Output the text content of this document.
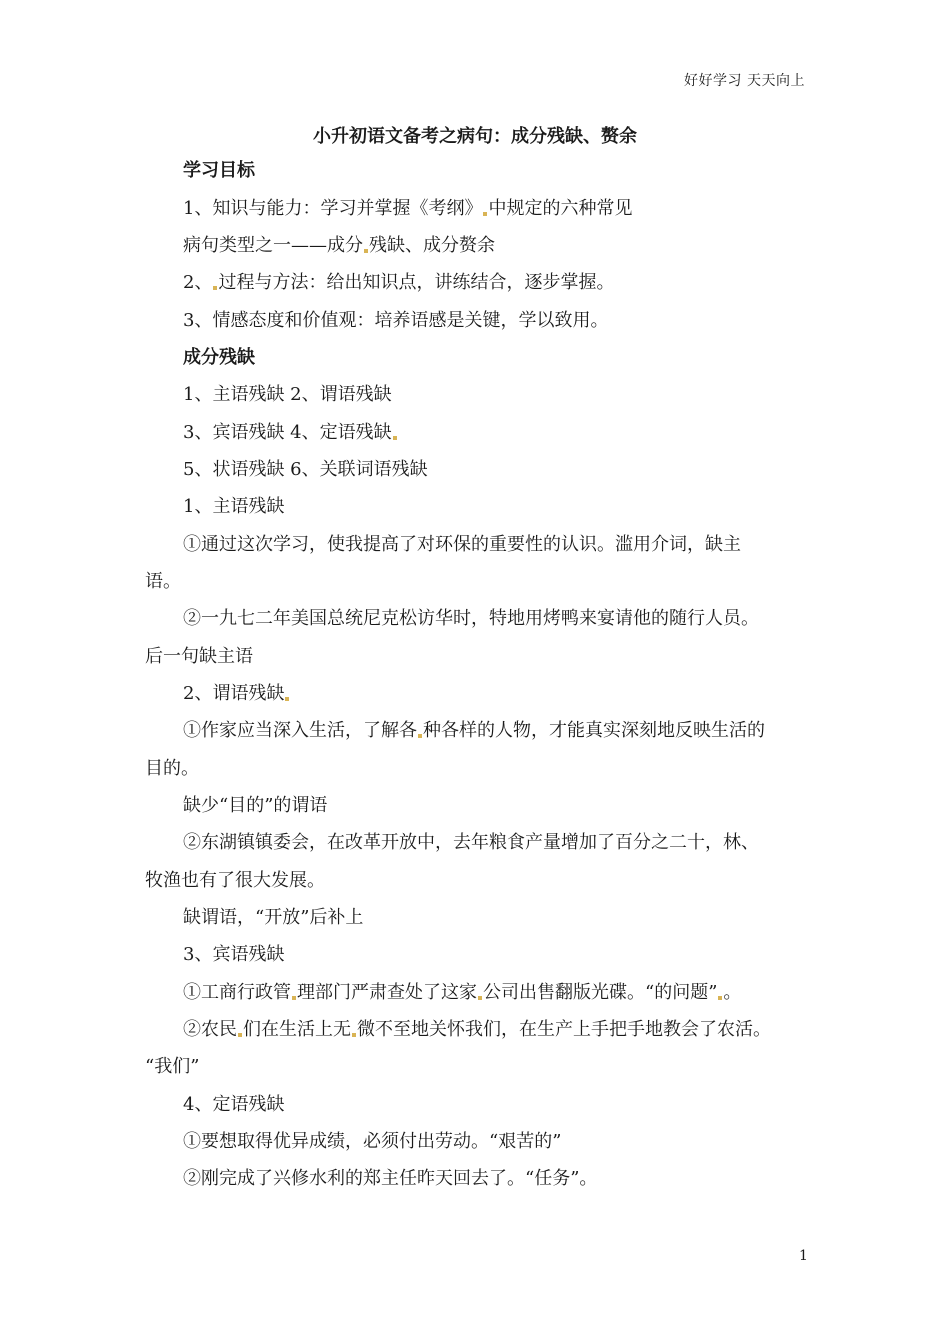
好好学习 天天向上
小升初语文备考之病句：成分残缺、赘余
学习目标
1、知识与能力：学习并掌握《考纲》 中规定的六种常见
病句类型之一——成分 残缺、成分赘余
2、 过程与方法：给出知识点，讲练结合，逐步掌握。
3、情感态度和价值观：培养语感是关键，学以致用。
成分残缺
1、主语残缺 2、谓语残缺
3、宾语残缺 4、定语残缺
5、状语残缺 6、关联词语残缺
1、主语残缺
①通过这次学习，使我提高了对环保的重要性的认识。滥用介词，缺主
语。
②一九七二年美国总统尼克松访华时，特地用烤鸭来宴请他的随行人员。
后一句缺主语
2、谓语残缺
①作家应当深入生活，了解各 种各样的人物，才能真实深刻地反映生活的
目的。
缺少“目的”的谓语
②东湖镇镇委会，在改革开放中，去年粮食产量增加了百分之二十，林、
牧渔也有了很大发展。
缺谓语，“开放”后补上
3、宾语残缺
①工商行政管 理部门严肃查处了这家 公司出售翻版光碟。“的问题” 。
②农民 们在生活上无 微不至地关怀我们，在生产上手把手地教会了农活。
“我们”
4、定语残缺
①要想取得优异成绩，必须付出劳动。“艰苦的”
②刚完成了兴修水利的郑主任昨天回去了。“任务”。
1
